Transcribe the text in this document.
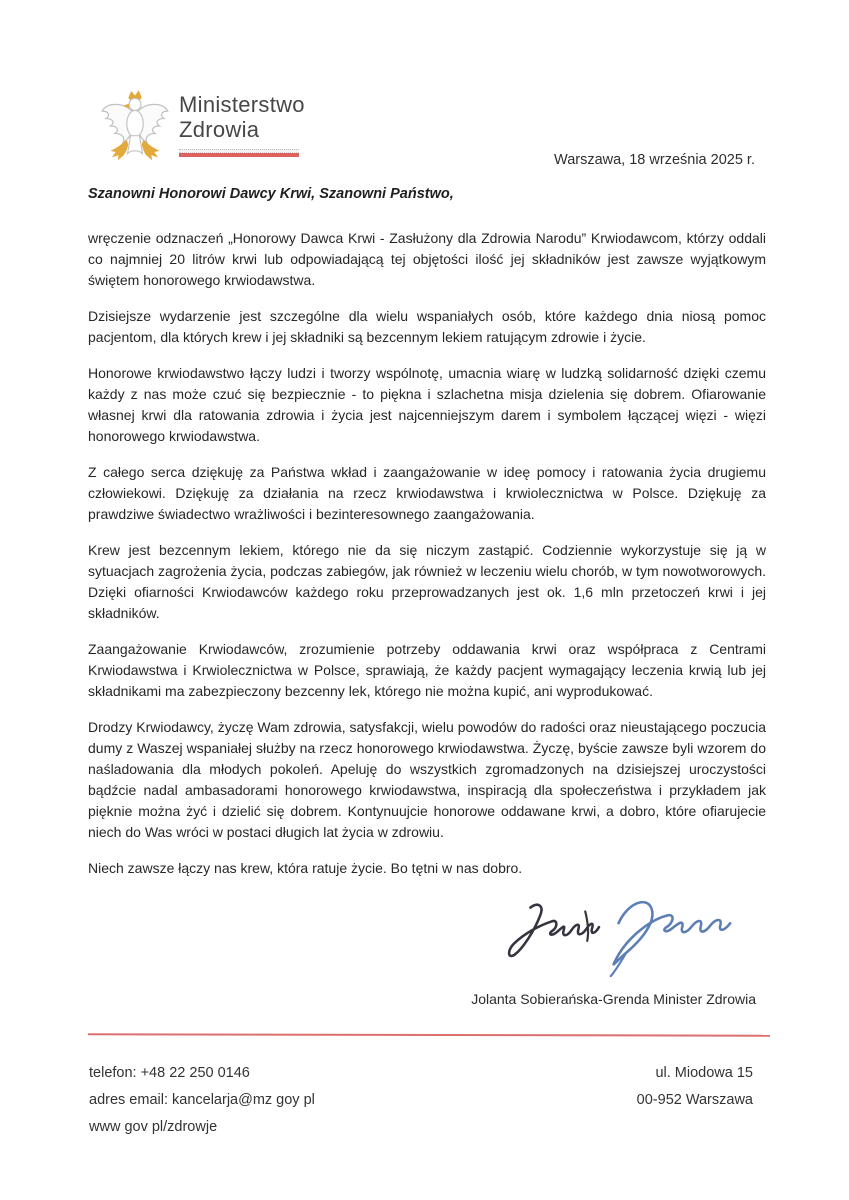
Ministerstwo
Zdrowia
Warszawa, 18 września 2025 r.

Szanowni Honorowi Dawcy Krwi, Szanowni Państwo,

wręczenie odznaczeń „Honorowy Dawca Krwi - Zasłużony dla Zdrowia Narodu” Krwiodawcom, którzy oddali co najmniej 20 litrów krwi lub odpowiadającą tej objętości ilość jej składników jest zawsze wyjątkowym świętem honorowego krwiodawstwa.

Dzisiejsze wydarzenie jest szczególne dla wielu wspaniałych osób, które każdego dnia niosą pomoc pacjentom, dla których krew i jej składniki są bezcennym lekiem ratującym zdrowie i życie.

Honorowe krwiodawstwo łączy ludzi i tworzy wspólnotę, umacnia wiarę w ludzką solidarność dzięki czemu każdy z nas może czuć się bezpiecznie - to piękna i szlachetna misja dzielenia się dobrem. Ofiarowanie własnej krwi dla ratowania zdrowia i życia jest najcenniejszym darem i symbolem łączącej więzi - więzi honorowego krwiodawstwa.

Z całego serca dziękuję za Państwa wkład i zaangażowanie w ideę pomocy i ratowania życia drugiemu człowiekowi. Dziękuję za działania na rzecz krwiodawstwa i krwiolecznictwa w Polsce. Dziękuję za prawdziwe świadectwo wrażliwości i bezinteresownego zaangażowania.

Krew jest bezcennym lekiem, którego nie da się niczym zastąpić. Codziennie wykorzystuje się ją w sytuacjach zagrożenia życia, podczas zabiegów, jak również w leczeniu wielu chorób, w tym nowotworowych. Dzięki ofiarności Krwiodawców każdego roku przeprowadzanych jest ok. 1,6 mln przetoczeń krwi i jej składników.

Zaangażowanie Krwiodawców, zrozumienie potrzeby oddawania krwi oraz współpraca z Centrami Krwiodawstwa i Krwiolecznictwa w Polsce, sprawiają, że każdy pacjent wymagający leczenia krwią lub jej składnikami ma zabezpieczony bezcenny lek, którego nie można kupić, ani wyprodukować.

Drodzy Krwiodawcy, życzę Wam zdrowia, satysfakcji, wielu powodów do radości oraz nieustającego poczucia dumy z Waszej wspaniałej służby na rzecz honorowego krwiodawstwa. Życzę, byście zawsze byli wzorem do naśladowania dla młodych pokoleń. Apeluję do wszystkich zgromadzonych na dzisiejszej uroczystości bądźcie nadal ambasadorami honorowego krwiodawstwa, inspiracją dla społeczeństwa i przykładem jak pięknie można żyć i dzielić się dobrem. Kontynuujcie honorowe oddawane krwi, a dobro, które ofiarujecie niech do Was wróci w postaci długich lat życia w zdrowiu.

Niech zawsze łączy nas krew, która ratuje życie. Bo tętni w nas dobro.

Jolanta Sobierańska-Grenda Minister Zdrowia
telefon: +48 22 250 0146
adres email: kancelarja@mz goy pl
www gov pl/zdrowje
ul. Miodowa 15
00-952 Warszawa
